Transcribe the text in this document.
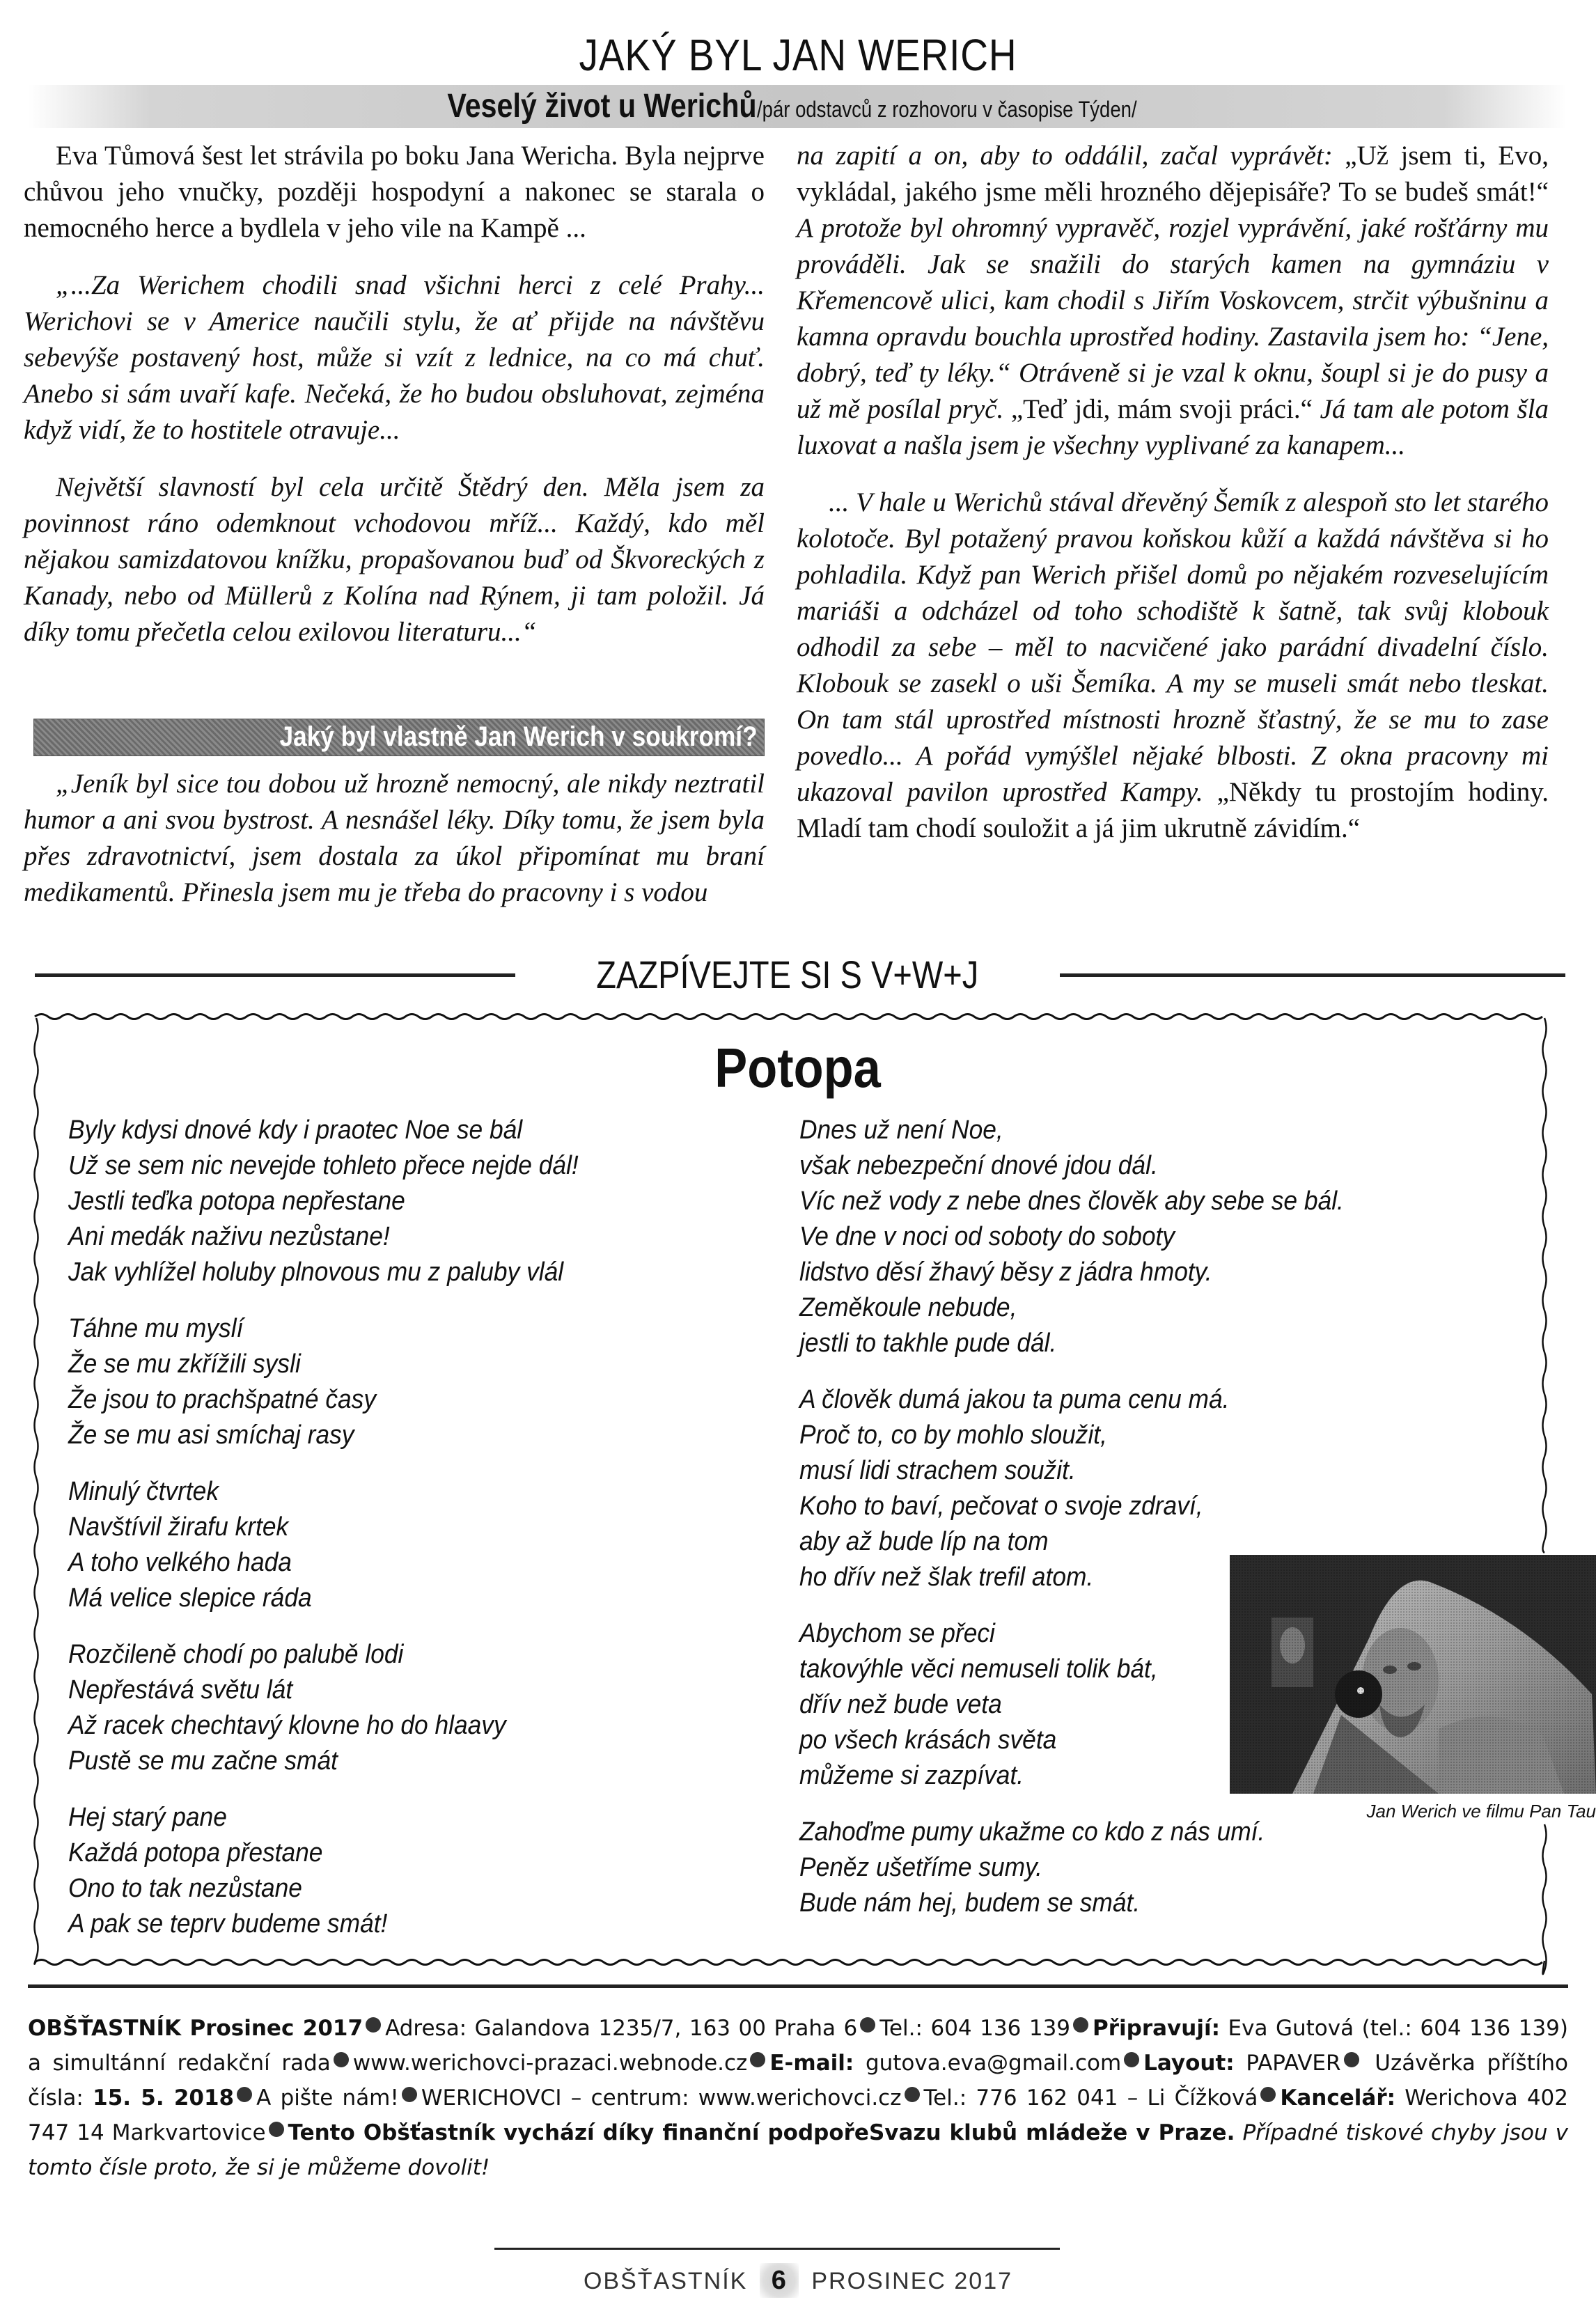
JAKÝ BYL JAN WERICH
Veselý život u Werichů/pár odstavců z rozhovoru v časopise Týden/

Eva Tůmová šest let strávila po boku Jana Wericha. Byla nejprve chůvou jeho vnučky, později hospodyní a nakonec se starala o nemocného herce a bydlela v jeho vile na Kampě ...

„...Za Werichem chodili snad všichni herci z celé Prahy... Werichovi se v Americe naučili stylu, že ať přijde na návštěvu sebevýše postavený host, může si vzít z lednice, na co má chuť. Anebo si sám uvaří kafe. Nečeká, že ho budou obsluhovat, zejména když vidí, že to hostitele otravuje...

Největší slavností byl cela určitě Štědrý den. Měla jsem za povinnost ráno odemknout vchodovou mříž... Každý, kdo měl nějakou samizdatovou knížku, propašovanou buď od Škvoreckých z Kanady, nebo od Müllerů z Kolína nad Rýnem, ji tam položil. Já díky tomu přečetla celou exilovou literaturu...“

Jaký byl vlastně Jan Werich v soukromí?

„Jeník byl sice tou dobou už hrozně nemocný, ale nikdy neztratil humor a ani svou bystrost. A nesnášel léky. Díky tomu, že jsem byla přes zdravotnictví, jsem dostala za úkol připomínat mu braní medikamentů. Přinesla jsem mu je třeba do pracovny i s vodou

na zapití a on, aby to oddálil, začal vyprávět: „Už jsem ti, Evo, vykládal, jakého jsme měli hrozného dějepisáře? To se budeš smát!“ A protože byl ohromný vypravěč, rozjel vyprávění, jaké rošťárny mu prováděli. Jak se snažili do starých kamen na gymnáziu v Křemencově ulici, kam chodil s Jiřím Voskovcem, strčit výbušninu a kamna opravdu bouchla uprostřed hodiny. Zastavila jsem ho: “Jene, dobrý, teď ty léky.“ Otráveně si je vzal k oknu, šoupl si je do pusy a už mě posílal pryč. „Teď jdi, mám svoji práci.“ Já tam ale potom šla luxovat a našla jsem je všechny vyplivané za kanapem...

... V hale u Werichů stával dřevěný Šemík z alespoň sto let starého kolotoče. Byl potažený pravou koňskou kůží a každá návštěva si ho pohladila. Když pan Werich přišel domů po nějakém rozveselujícím mariáši a odcházel od toho schodiště k šatně, tak svůj klobouk odhodil za sebe – měl to nacvičené jako parádní divadelní číslo. Klobouk se zasekl o uši Šemíka. A my se museli smát nebo tleskat. On tam stál uprostřed místnosti hrozně šťastný, že se mu to zase povedlo... A pořád vymýšlel nějaké blbosti. Z okna pracovny mi ukazoval pavilon uprostřed Kampy. „Někdy tu prostojím hodiny. Mladí tam chodí souložit a já jim ukrutně závidím.“

ZAZPÍVEJTE SI S V+W+J
Potopa
Byly kdysi dnové kdy i praotec Noe se bál
Už se sem nic nevejde tohleto přece nejde dál!
Jestli teďka potopa nepřestane
Ani medák naživu nezůstane!
Jak vyhlížel holuby plnovous mu z paluby vlál
Táhne mu myslí
Že se mu zkřížili sysli
Že jsou to prachšpatné časy
Že se mu asi smíchaj rasy
Minulý čtvrtek
Navštívil žirafu krtek
A toho velkého hada
Má velice slepice ráda
Rozčileně chodí po palubě lodi
Nepřestává světu lát
Až racek chechtavý klovne ho do hlaavy
Pustě se mu začne smát
Hej starý pane
Každá potopa přestane
Ono to tak nezůstane
A pak se teprv budeme smát!
Dnes už není Noe,
však nebezpeční dnové jdou dál.
Víc než vody z nebe dnes člověk aby sebe se bál.
Ve dne v noci od soboty do soboty
lidstvo děsí žhavý běsy z jádra hmoty.
Zeměkoule nebude,
jestli to takhle pude dál.
A člověk dumá jakou ta puma cenu má.
Proč to, co by mohlo sloužit,
musí lidi strachem soužit.
Koho to baví, pečovat o svoje zdraví,
aby až bude líp na tom
ho dřív než šlak trefil atom.
Abychom se přeci
takovýhle věci nemuseli tolik bát,
dřív než bude veta
po všech krásách světa
můžeme si zazpívat.
Zahoďme pumy ukažme co kdo z nás umí.
Peněz ušetříme sumy.
Bude nám hej, budem se smát.
Jan Werich ve filmu Pan Tau

OBŠŤASTNÍK Prosinec 2017 Adresa: Galandova 1235/7, 163 00 Praha 6 Tel.: 604 136 139 Připravují: Eva Gutová (tel.: 604 136 139) a simultánní redakční rada www.werichovci-prazaci.webnode.cz E-mail: gutova.eva@gmail.com Layout: PAPAVER Uzávěrka příštího čísla: 15. 5. 2018 A pište nám! WERICHOVCI – centrum: www.werichovci.cz Tel.: 776 162 041 – Li Čížková Kancelář: Werichova 402 747 14 Markvartovice Tento Obšťastník vychází díky finanční podpořeSvazu klubů mládeže v Praze. Případné tiskové chyby jsou v tomto čísle proto, že si je můžeme dovolit!

OBŠŤASTNÍK 6 PROSINEC 2017
